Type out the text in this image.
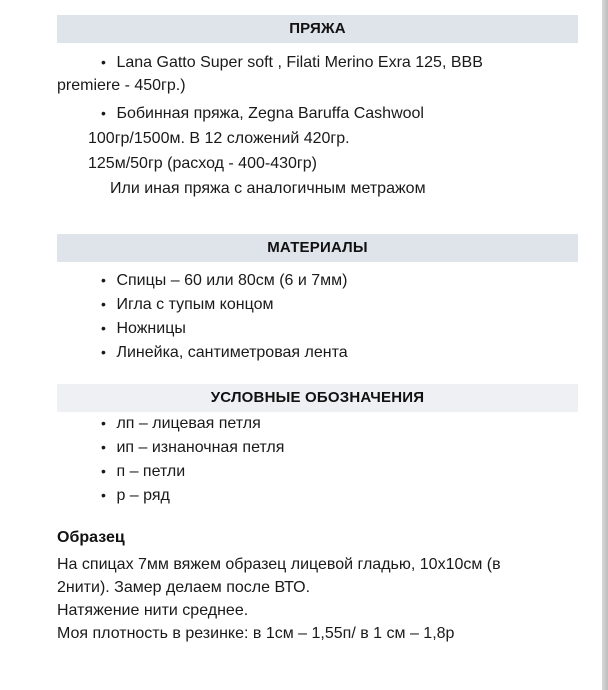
ПРЯЖА
• Lana Gatto Super soft , Filati Merino Exra 125, BBB
premiere - 450гр.)
• Бобинная пряжа, Zegna Baruffa Cashwool
100гр/1500м. В 12 сложений 420гр.
125м/50гр (расход - 400-430гр)
Или иная пряжа с аналогичным метражом
МАТЕРИАЛЫ
• Спицы – 60 или 80см (6 и 7мм)
• Игла с тупым концом
• Ножницы
• Линейка, сантиметровая лента
УСЛОВНЫЕ ОБОЗНАЧЕНИЯ
• лп – лицевая петля
• ип – изнаночная петля
• п – петли
• р – ряд
Образец
На спицах 7мм вяжем образец лицевой гладью, 10х10см (в
2нити). Замер делаем после ВТО.
Натяжение нити среднее.
Моя плотность в резинке: в 1см – 1,55п/ в 1 см – 1,8р
